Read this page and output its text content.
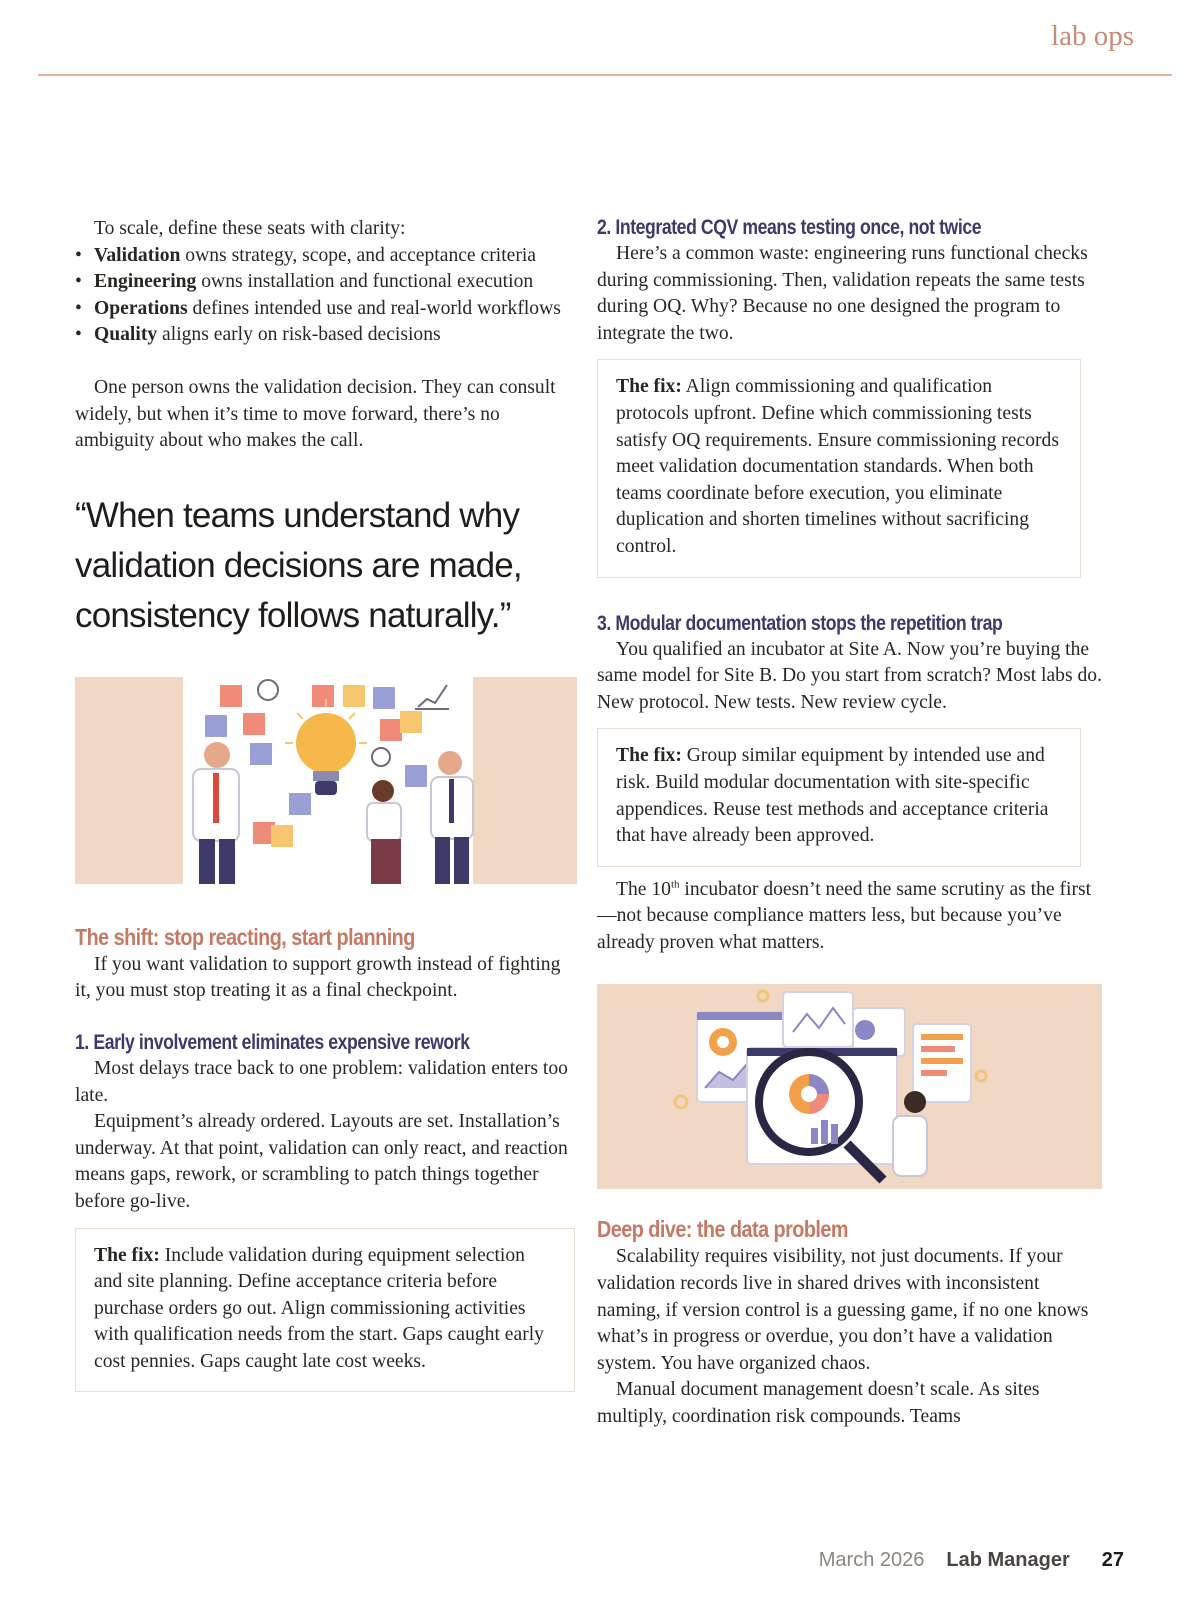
lab ops

To scale, define these seats with clarity:

• Validation owns strategy, scope, and acceptance criteria
• Engineering owns installation and functional execution
• Operations defines intended use and real-world workflows
• Quality aligns early on risk-based decisions

One person owns the validation decision. They can consult widely, but when it’s time to move forward, there’s no ambiguity about who makes the call.

“When teams understand why validation decisions are made, consistency follows naturally.”
The shift: stop reacting, start planning

If you want validation to support growth instead of fighting it, you must stop treating it as a final checkpoint.

1. Early involvement eliminates expensive rework

Most delays trace back to one problem: validation enters too late.

Equipment’s already ordered. Layouts are set. Installation’s underway. At that point, validation can only react, and reaction means gaps, rework, or scrambling to patch things together before go-live.

The fix: Include validation during equipment selection and site planning. Define acceptance criteria before purchase orders go out. Align commissioning activities with qualification needs from the start. Gaps caught early cost pennies. Gaps caught late cost weeks.

2. Integrated CQV means testing once, not twice

Here’s a common waste: engineering runs functional checks during commissioning. Then, validation repeats the same tests during OQ. Why? Because no one designed the program to integrate the two.

The fix: Align commissioning and qualification protocols upfront. Define which commissioning tests satisfy OQ requirements. Ensure commissioning records meet validation documentation standards. When both teams coordinate before execution, you eliminate duplication and shorten timelines without sacrificing control.

3. Modular documentation stops the repetition trap

You qualified an incubator at Site A. Now you’re buying the same model for Site B. Do you start from scratch? Most labs do. New protocol. New tests. New review cycle.

The fix: Group similar equipment by intended use and risk. Build modular documentation with site-specific appendices. Reuse test methods and acceptance criteria that have already been approved.

The 10th incubator doesn’t need the same scrutiny as the first—not because compliance matters less, but because you’ve already proven what matters.

Deep dive: the data problem

Scalability requires visibility, not just documents. If your validation records live in shared drives with inconsistent naming, if version control is a guessing game, if no one knows what’s in progress or overdue, you don’t have a validation system. You have organized chaos.

Manual document management doesn’t scale. As sites multiply, coordination risk compounds. Teams

March 2026 Lab Manager 27
